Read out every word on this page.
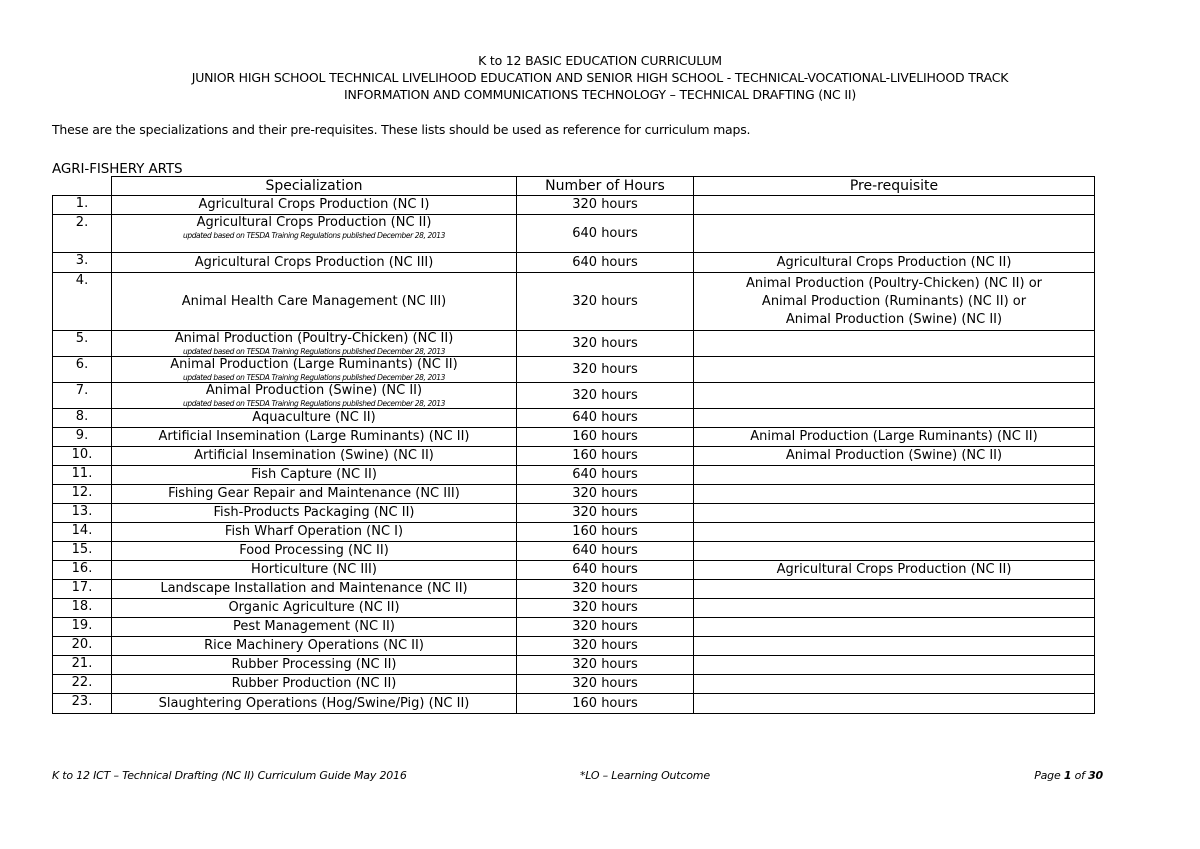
K to 12 BASIC EDUCATION CURRICULUM
JUNIOR HIGH SCHOOL TECHNICAL LIVELIHOOD EDUCATION AND SENIOR HIGH SCHOOL - TECHNICAL-VOCATIONAL-LIVELIHOOD TRACK
INFORMATION AND COMMUNICATIONS TECHNOLOGY – TECHNICAL DRAFTING (NC II)
These are the specializations and their pre-requisites. These lists should be used as reference for curriculum maps.
AGRI-FISHERY ARTS
	Specialization	Number of Hours	Pre-requisite
1.	Agricultural Crops Production (NC I)	320 hours	
2.	Agricultural Crops Production (NC II)
updated based on TESDA Training Regulations published December 28, 2013	640 hours	
3.	Agricultural Crops Production (NC III)	640 hours	Agricultural Crops Production (NC II)

4.	Animal Health Care Management (NC III)	320 hours	Animal Production (Poultry-Chicken) (NC II) or
Animal Production (Ruminants) (NC II) or
Animal Production (Swine) (NC II)

5.	Animal Production (Poultry-Chicken) (NC II)
updated based on TESDA Training Regulations published December 28, 2013	320 hours	
6.	Animal Production (Large Ruminants) (NC II)
updated based on TESDA Training Regulations published December 28, 2013	320 hours	
7.	Animal Production (Swine) (NC II)
updated based on TESDA Training Regulations published December 28, 2013	320 hours	
8.	Aquaculture (NC II)	640 hours	
9.	Artificial Insemination (Large Ruminants) (NC II)	160 hours	Animal Production (Large Ruminants) (NC II)

10.	Artificial Insemination (Swine) (NC II)	160 hours	Animal Production (Swine) (NC II)

11.	Fish Capture (NC II)	640 hours	
12.	Fishing Gear Repair and Maintenance (NC III)	320 hours	
13.	Fish-Products Packaging (NC II)	320 hours	
14.	Fish Wharf Operation (NC I)	160 hours	
15.	Food Processing (NC II)	640 hours	
16.	Horticulture (NC III)	640 hours	Agricultural Crops Production (NC II)

17.	Landscape Installation and Maintenance (NC II)	320 hours	
18.	Organic Agriculture (NC II)	320 hours	
19.	Pest Management (NC II)	320 hours	
20.	Rice Machinery Operations (NC II)	320 hours	
21.	Rubber Processing (NC II)	320 hours	
22.	Rubber Production (NC II)	320 hours	
23.	Slaughtering Operations (Hog/Swine/Pig) (NC II)	160 hours	
K to 12 ICT – Technical Drafting (NC II) Curriculum Guide May 2016	*LO – Learning Outcome	Page 1 of 30
